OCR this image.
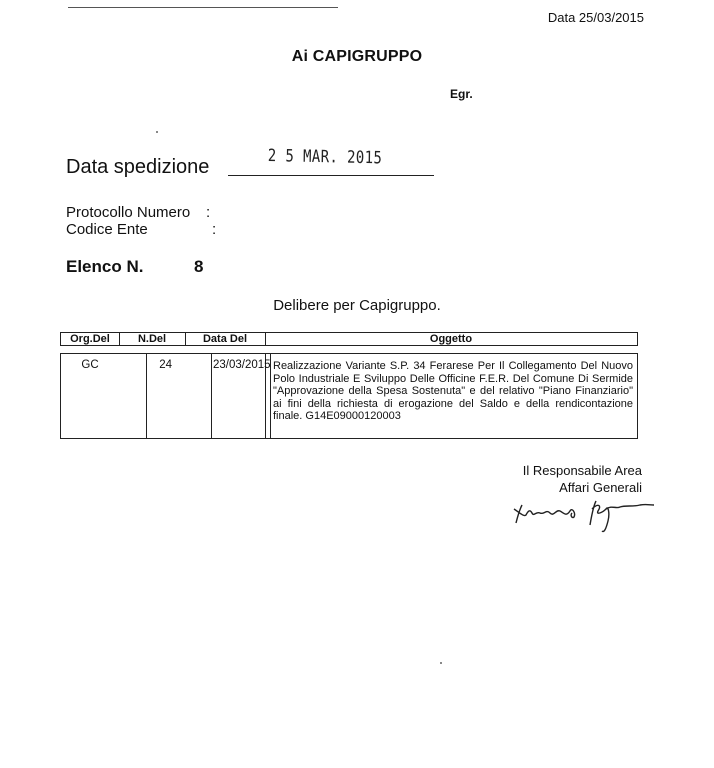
Data 25/03/2015
Ai CAPIGRUPPO
Egr.
Data spedizione	2 5 MAR. 2015
Protocollo Numero :
Codice Ente	:
Elenco N.	8
Delibere per Capigruppo.
Org.Del	N.Del	Data Del	Oggetto
GC	24	23/03/2015 Realizzazione Variante S.P. 34 Ferarese Per Il Collegamento Del Nuovo Polo Industriale E Sviluppo Delle Officine F.E.R. Del Comune Di Sermide "Approvazione della Spesa Sostenuta" e del relativo "Piano Finanziario" ai fini della richiesta di erogazione del Saldo e della rendicontazione finale. G14E09000120003
Il Responsabile Area
Affari Generali
